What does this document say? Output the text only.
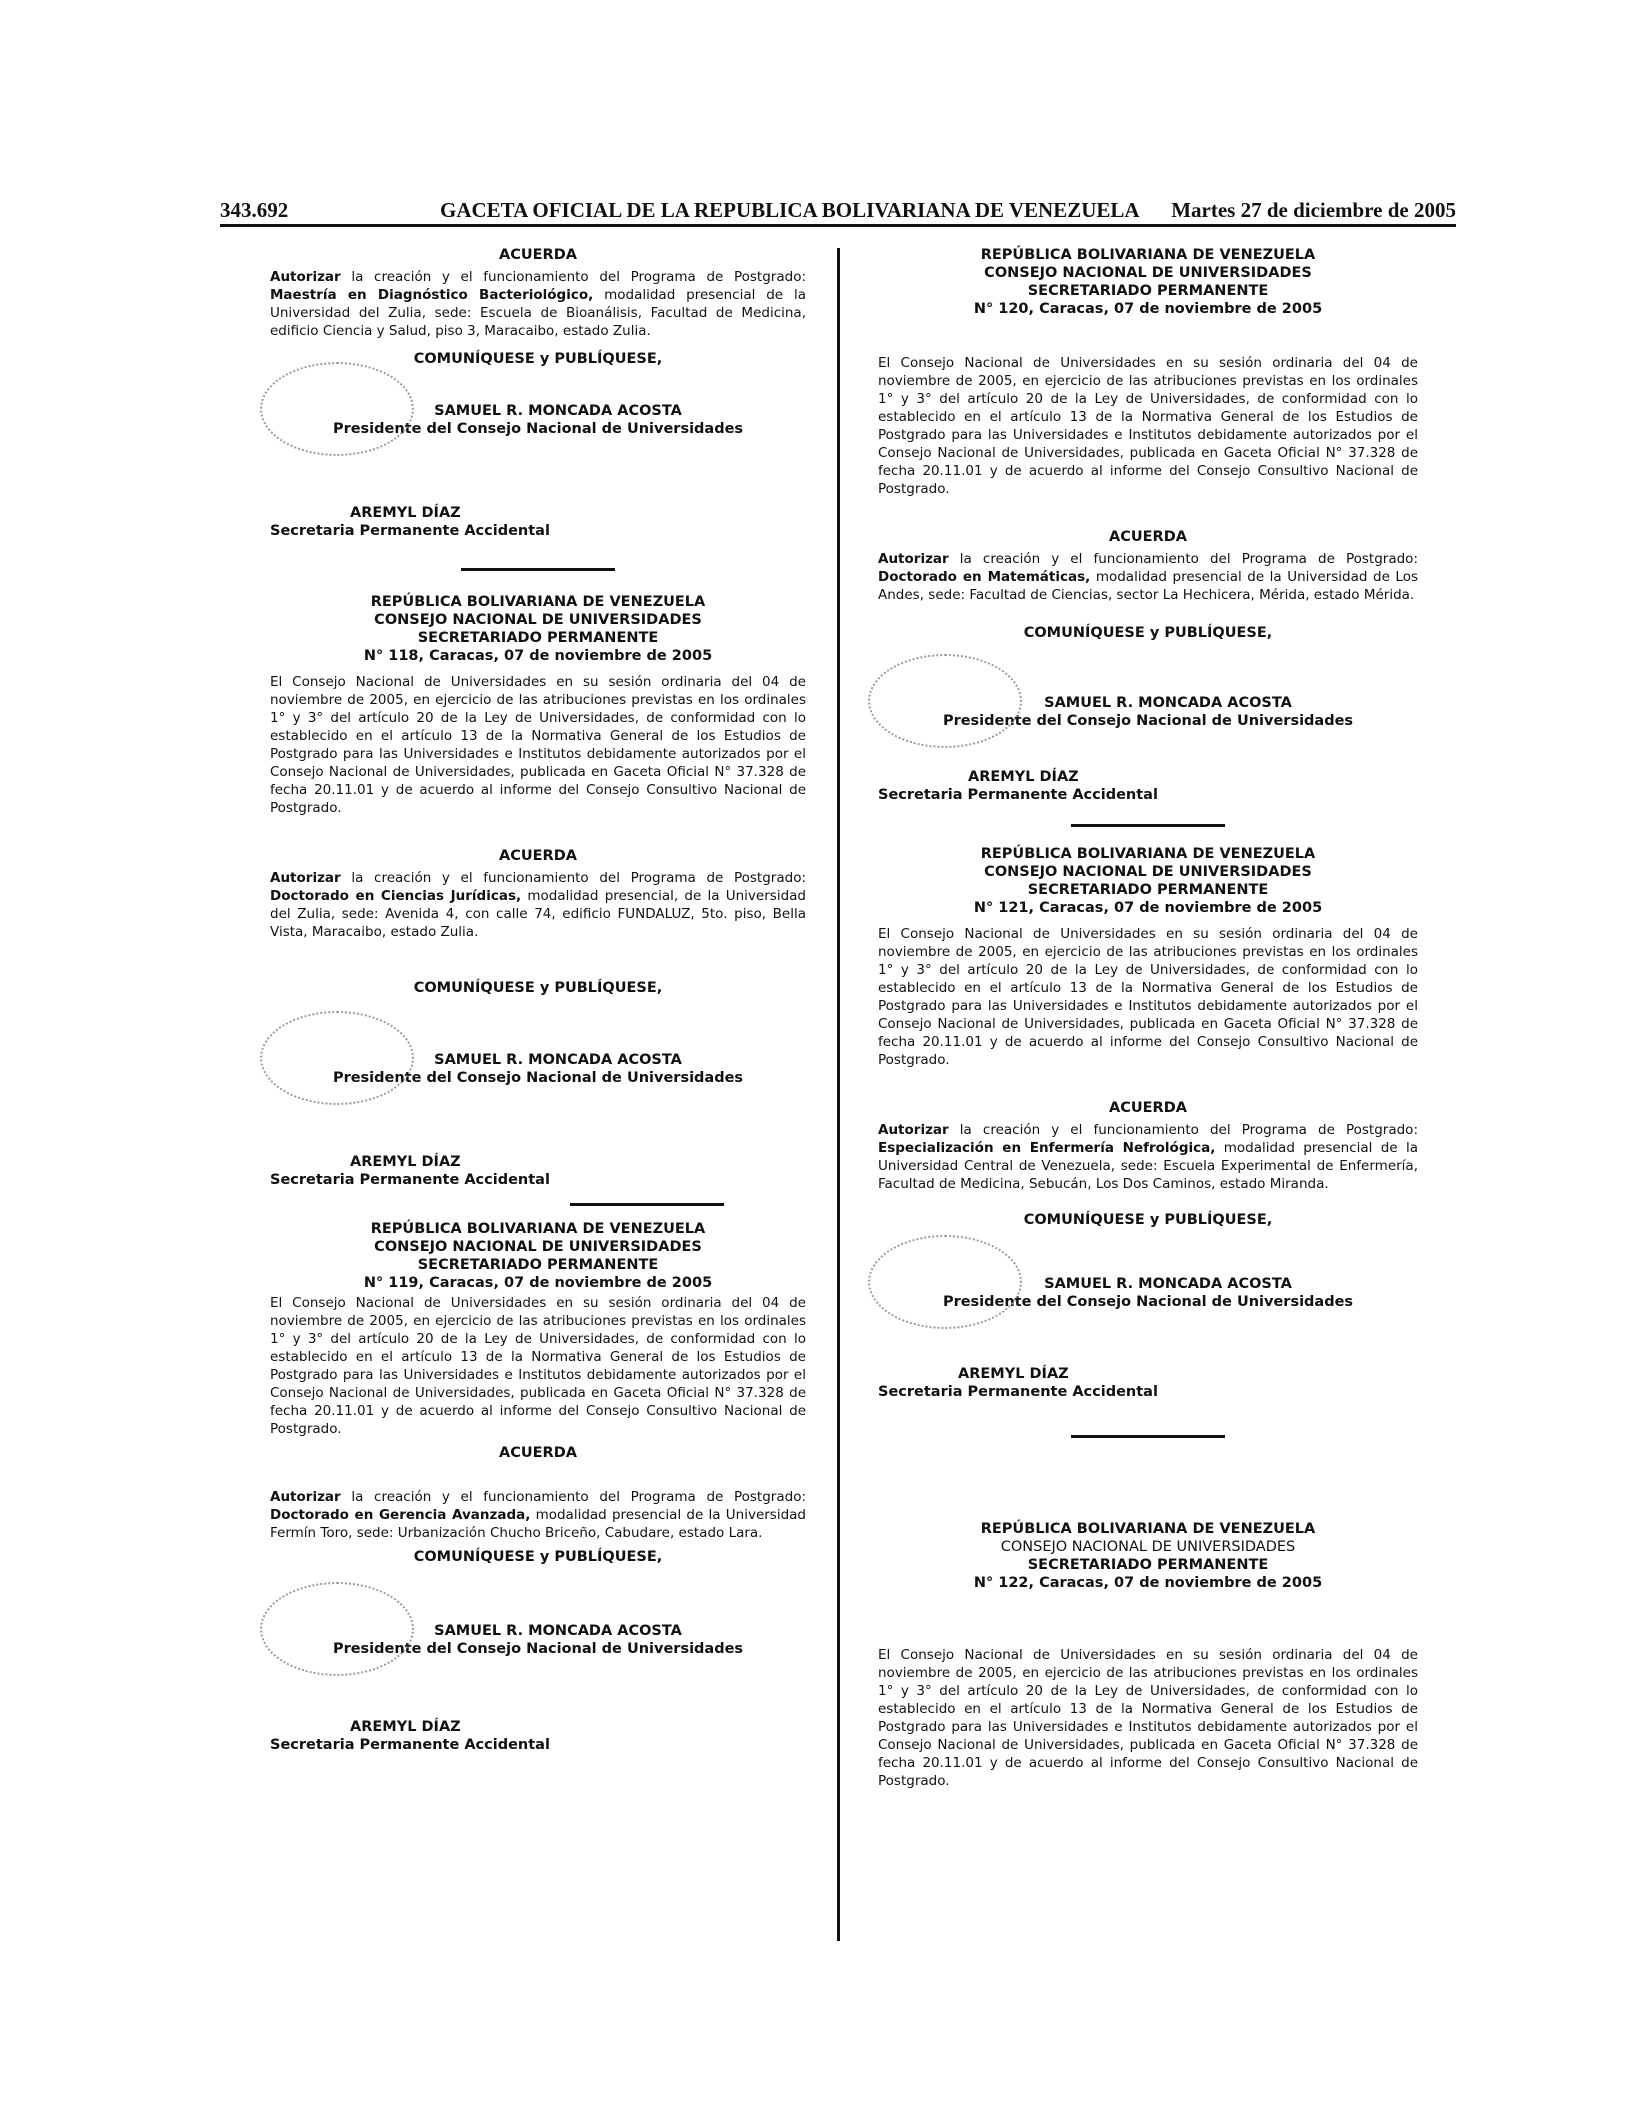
343.692	GACETA OFICIAL DE LA REPUBLICA BOLIVARIANA DE VENEZUELA Martes 27 de diciembre de 2005
ACUERDA

Autorizar la creación y el funcionamiento del Programa de Postgrado: Maestría en Diagnóstico Bacteriológico, modalidad presencial de la Universidad del Zulia, sede: Escuela de Bioanálisis, Facultad de Medicina, edificio Ciencia y Salud, piso 3, Maracaibo, estado Zulia.

COMUNÍQUESE y PUBLÍQUESE,
SAMUEL R. MONCADA ACOSTA
Presidente del Consejo Nacional de Universidades
AREMYL DÍAZ
Secretaria Permanente Accidental
REPÚBLICA BOLIVARIANA DE VENEZUELA
CONSEJO NACIONAL DE UNIVERSIDADES
SECRETARIADO PERMANENTE
N° 118, Caracas, 07 de noviembre de 2005

El Consejo Nacional de Universidades en su sesión ordinaria del 04 de noviembre de 2005, en ejercicio de las atribuciones previstas en los ordinales 1° y 3° del artículo 20 de la Ley de Universidades, de conformidad con lo establecido en el artículo 13 de la Normativa General de los Estudios de Postgrado para las Universidades e Institutos debidamente autorizados por el Consejo Nacional de Universidades, publicada en Gaceta Oficial N° 37.328 de fecha 20.11.01 y de acuerdo al informe del Consejo Consultivo Nacional de Postgrado.

ACUERDA

Autorizar la creación y el funcionamiento del Programa de Postgrado: Doctorado en Ciencias Jurídicas, modalidad presencial, de la Universidad del Zulia, sede: Avenida 4, con calle 74, edificio FUNDALUZ, 5to. piso, Bella Vista, Maracaibo, estado Zulia.

COMUNÍQUESE y PUBLÍQUESE,
SAMUEL R. MONCADA ACOSTA
Presidente del Consejo Nacional de Universidades
AREMYL DÍAZ
Secretaria Permanente Accidental
REPÚBLICA BOLIVARIANA DE VENEZUELA
CONSEJO NACIONAL DE UNIVERSIDADES
SECRETARIADO PERMANENTE
N° 119, Caracas, 07 de noviembre de 2005

El Consejo Nacional de Universidades en su sesión ordinaria del 04 de noviembre de 2005, en ejercicio de las atribuciones previstas en los ordinales 1° y 3° del artículo 20 de la Ley de Universidades, de conformidad con lo establecido en el artículo 13 de la Normativa General de los Estudios de Postgrado para las Universidades e Institutos debidamente autorizados por el Consejo Nacional de Universidades, publicada en Gaceta Oficial N° 37.328 de fecha 20.11.01 y de acuerdo al informe del Consejo Consultivo Nacional de Postgrado.

ACUERDA

Autorizar la creación y el funcionamiento del Programa de Postgrado: Doctorado en Gerencia Avanzada, modalidad presencial de la Universidad Fermín Toro, sede: Urbanización Chucho Briceño, Cabudare, estado Lara.

COMUNÍQUESE y PUBLÍQUESE,
SAMUEL R. MONCADA ACOSTA
Presidente del Consejo Nacional de Universidades
AREMYL DÍAZ
Secretaria Permanente Accidental
REPÚBLICA BOLIVARIANA DE VENEZUELA
CONSEJO NACIONAL DE UNIVERSIDADES
SECRETARIADO PERMANENTE
N° 120, Caracas, 07 de noviembre de 2005

El Consejo Nacional de Universidades en su sesión ordinaria del 04 de noviembre de 2005, en ejercicio de las atribuciones previstas en los ordinales 1° y 3° del artículo 20 de la Ley de Universidades, de conformidad con lo establecido en el artículo 13 de la Normativa General de los Estudios de Postgrado para las Universidades e Institutos debidamente autorizados por el Consejo Nacional de Universidades, publicada en Gaceta Oficial N° 37.328 de fecha 20.11.01 y de acuerdo al informe del Consejo Consultivo Nacional de Postgrado.

ACUERDA

Autorizar la creación y el funcionamiento del Programa de Postgrado: Doctorado en Matemáticas, modalidad presencial de la Universidad de Los Andes, sede: Facultad de Ciencias, sector La Hechicera, Mérida, estado Mérida.

COMUNÍQUESE y PUBLÍQUESE,
SAMUEL R. MONCADA ACOSTA
Presidente del Consejo Nacional de Universidades
AREMYL DÍAZ
Secretaria Permanente Accidental
REPÚBLICA BOLIVARIANA DE VENEZUELA
CONSEJO NACIONAL DE UNIVERSIDADES
SECRETARIADO PERMANENTE
N° 121, Caracas, 07 de noviembre de 2005

El Consejo Nacional de Universidades en su sesión ordinaria del 04 de noviembre de 2005, en ejercicio de las atribuciones previstas en los ordinales 1° y 3° del artículo 20 de la Ley de Universidades, de conformidad con lo establecido en el artículo 13 de la Normativa General de los Estudios de Postgrado para las Universidades e Institutos debidamente autorizados por el Consejo Nacional de Universidades, publicada en Gaceta Oficial N° 37.328 de fecha 20.11.01 y de acuerdo al informe del Consejo Consultivo Nacional de Postgrado.

ACUERDA

Autorizar la creación y el funcionamiento del Programa de Postgrado: Especialización en Enfermería Nefrológica, modalidad presencial de la Universidad Central de Venezuela, sede: Escuela Experimental de Enfermería, Facultad de Medicina, Sebucán, Los Dos Caminos, estado Miranda.

COMUNÍQUESE y PUBLÍQUESE,
SAMUEL R. MONCADA ACOSTA
Presidente del Consejo Nacional de Universidades
AREMYL DÍAZ
Secretaria Permanente Accidental
REPÚBLICA BOLIVARIANA DE VENEZUELA
CONSEJO NACIONAL DE UNIVERSIDADES
SECRETARIADO PERMANENTE
N° 122, Caracas, 07 de noviembre de 2005

El Consejo Nacional de Universidades en su sesión ordinaria del 04 de noviembre de 2005, en ejercicio de las atribuciones previstas en los ordinales 1° y 3° del artículo 20 de la Ley de Universidades, de conformidad con lo establecido en el artículo 13 de la Normativa General de los Estudios de Postgrado para las Universidades e Institutos debidamente autorizados por el Consejo Nacional de Universidades, publicada en Gaceta Oficial N° 37.328 de fecha 20.11.01 y de acuerdo al informe del Consejo Consultivo Nacional de Postgrado.
